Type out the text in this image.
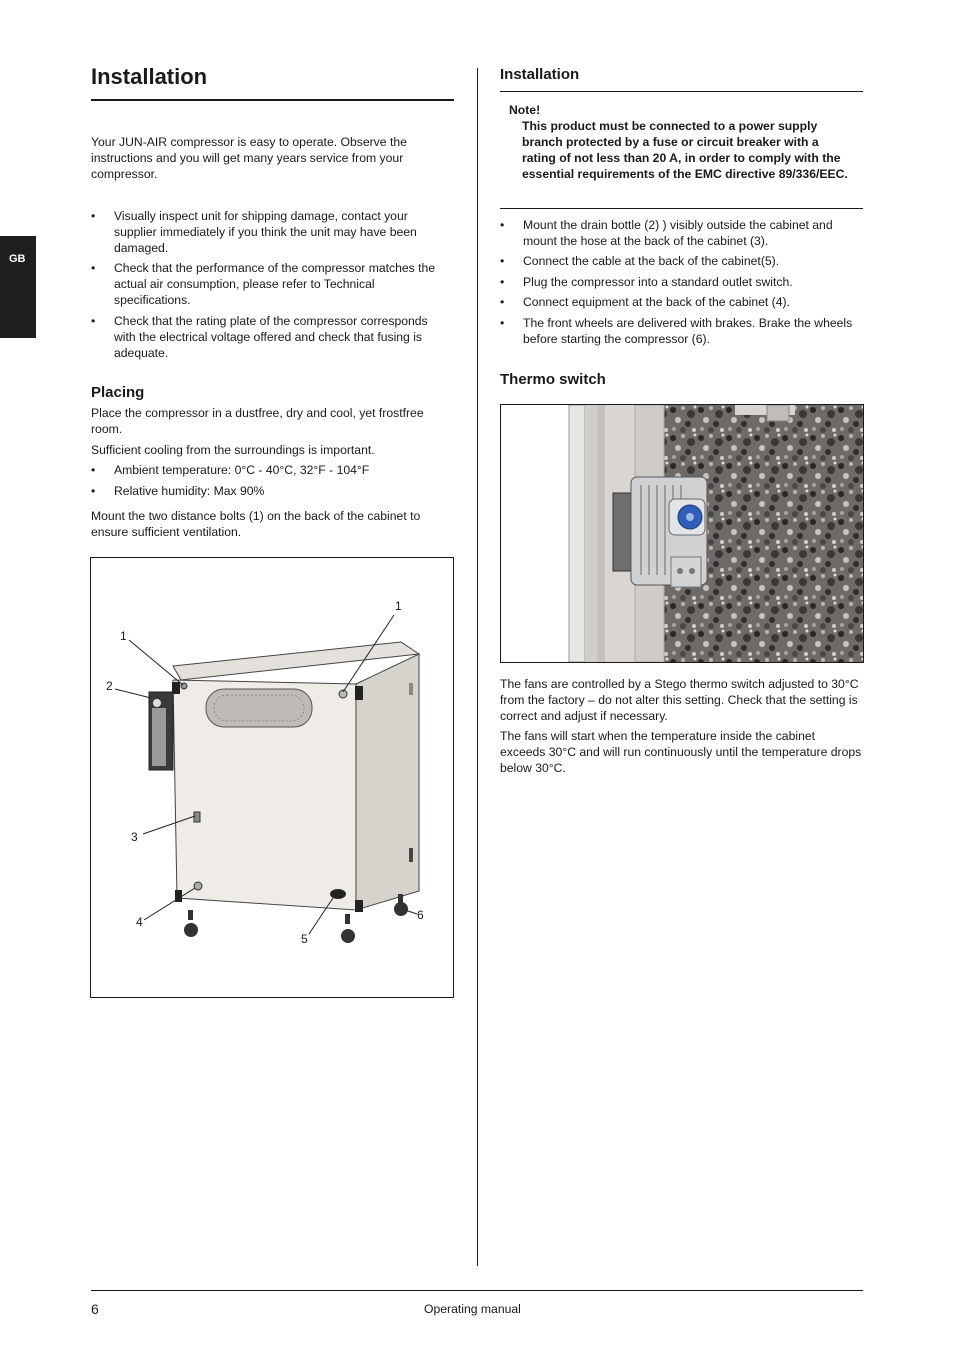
GB
Installation
Your JUN-AIR compressor is easy to operate. Observe the instructions and you will get many years service from your compressor.
• Visually inspect unit for shipping damage, contact your supplier immediately if you think the unit may have been damaged.
• Check that the performance of the compressor matches the actual air consumption, please refer to Technical specifications.
• Check that the rating plate of the compressor corresponds with the electrical voltage offered and check that fusing is adequate.
Placing
Place the compressor in a dustfree, dry and cool, yet frostfree room.
Sufficient cooling from the surroundings is important.
• Ambient temperature: 0°C - 40°C, 32°F - 104°F
• Relative humidity: Max 90%
Mount the two distance bolts (1) on the back of the cabinet to ensure sufficient ventilation.
1
1
2
3
4
5
6
Installation
Note!
This product must be connected to a power supply branch protected by a fuse or circuit breaker with a rating of not less than 20 A, in order to comply with the essential requirements of the EMC directive 89/336/EEC.
• Mount the drain bottle (2) ) visibly outside the cabinet and mount the hose at the back of the cabinet (3).
• Connect the cable at the back of the cabinet(5).
• Plug the compressor into a standard outlet switch.
• Connect equipment at the back of the cabinet (4).
• The front wheels are delivered with brakes. Brake the wheels before starting the compressor (6).
Thermo switch
The fans are controlled by a Stego thermo switch adjusted to 30°C from the factory – do not alter this setting. Check that the setting is correct and adjust if necessary.
The fans will start when the temperature inside the cabinet exceeds 30°C and will run continuously until the temperature drops below 30°C.
6	Operating manual
